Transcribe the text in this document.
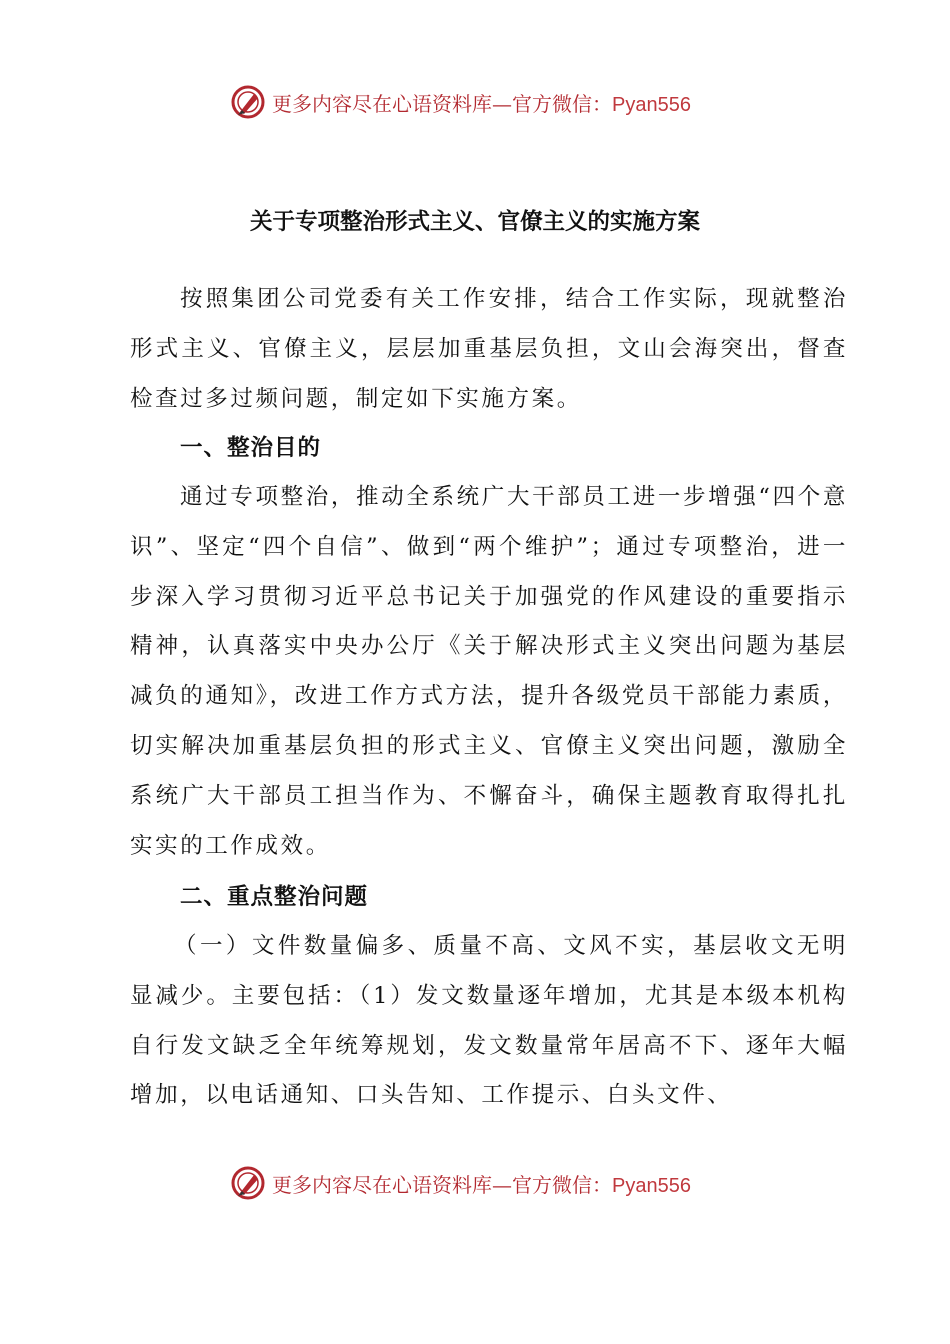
更多内容尽在心语资料库—官方微信：Pyan556
关于专项整治形式主义、官僚主义的实施方案

按照集团公司党委有关工作安排，结合工作实际，现就整治形式主义、官僚主义，层层加重基层负担，文山会海突出，督查检查过多过频问题，制定如下实施方案。

一、整治目的

通过专项整治，推动全系统广大干部员工进一步增强“四个意识”、坚定“四个自信”、做到“两个维护”；通过专项整治，进一步深入学习贯彻习近平总书记关于加强党的作风建设的重要指示精神，认真落实中央办公厅《关于解决形式主义突出问题为基层减负的通知》，改进工作方式方法，提升各级党员干部能力素质，切实解决加重基层负担的形式主义、官僚主义突出问题，激励全系统广大干部员工担当作为、不懈奋斗，确保主题教育取得扎扎实实的工作成效。

二、重点整治问题

（一）文件数量偏多、质量不高、文风不实，基层收文无明显减少。主要包括：（1）发文数量逐年增加，尤其是本级本机构自行发文缺乏全年统筹规划，发文数量常年居高不下、逐年大幅增加，以电话通知、口头告知、工作提示、白头文件、

更多内容尽在心语资料库—官方微信：Pyan556
